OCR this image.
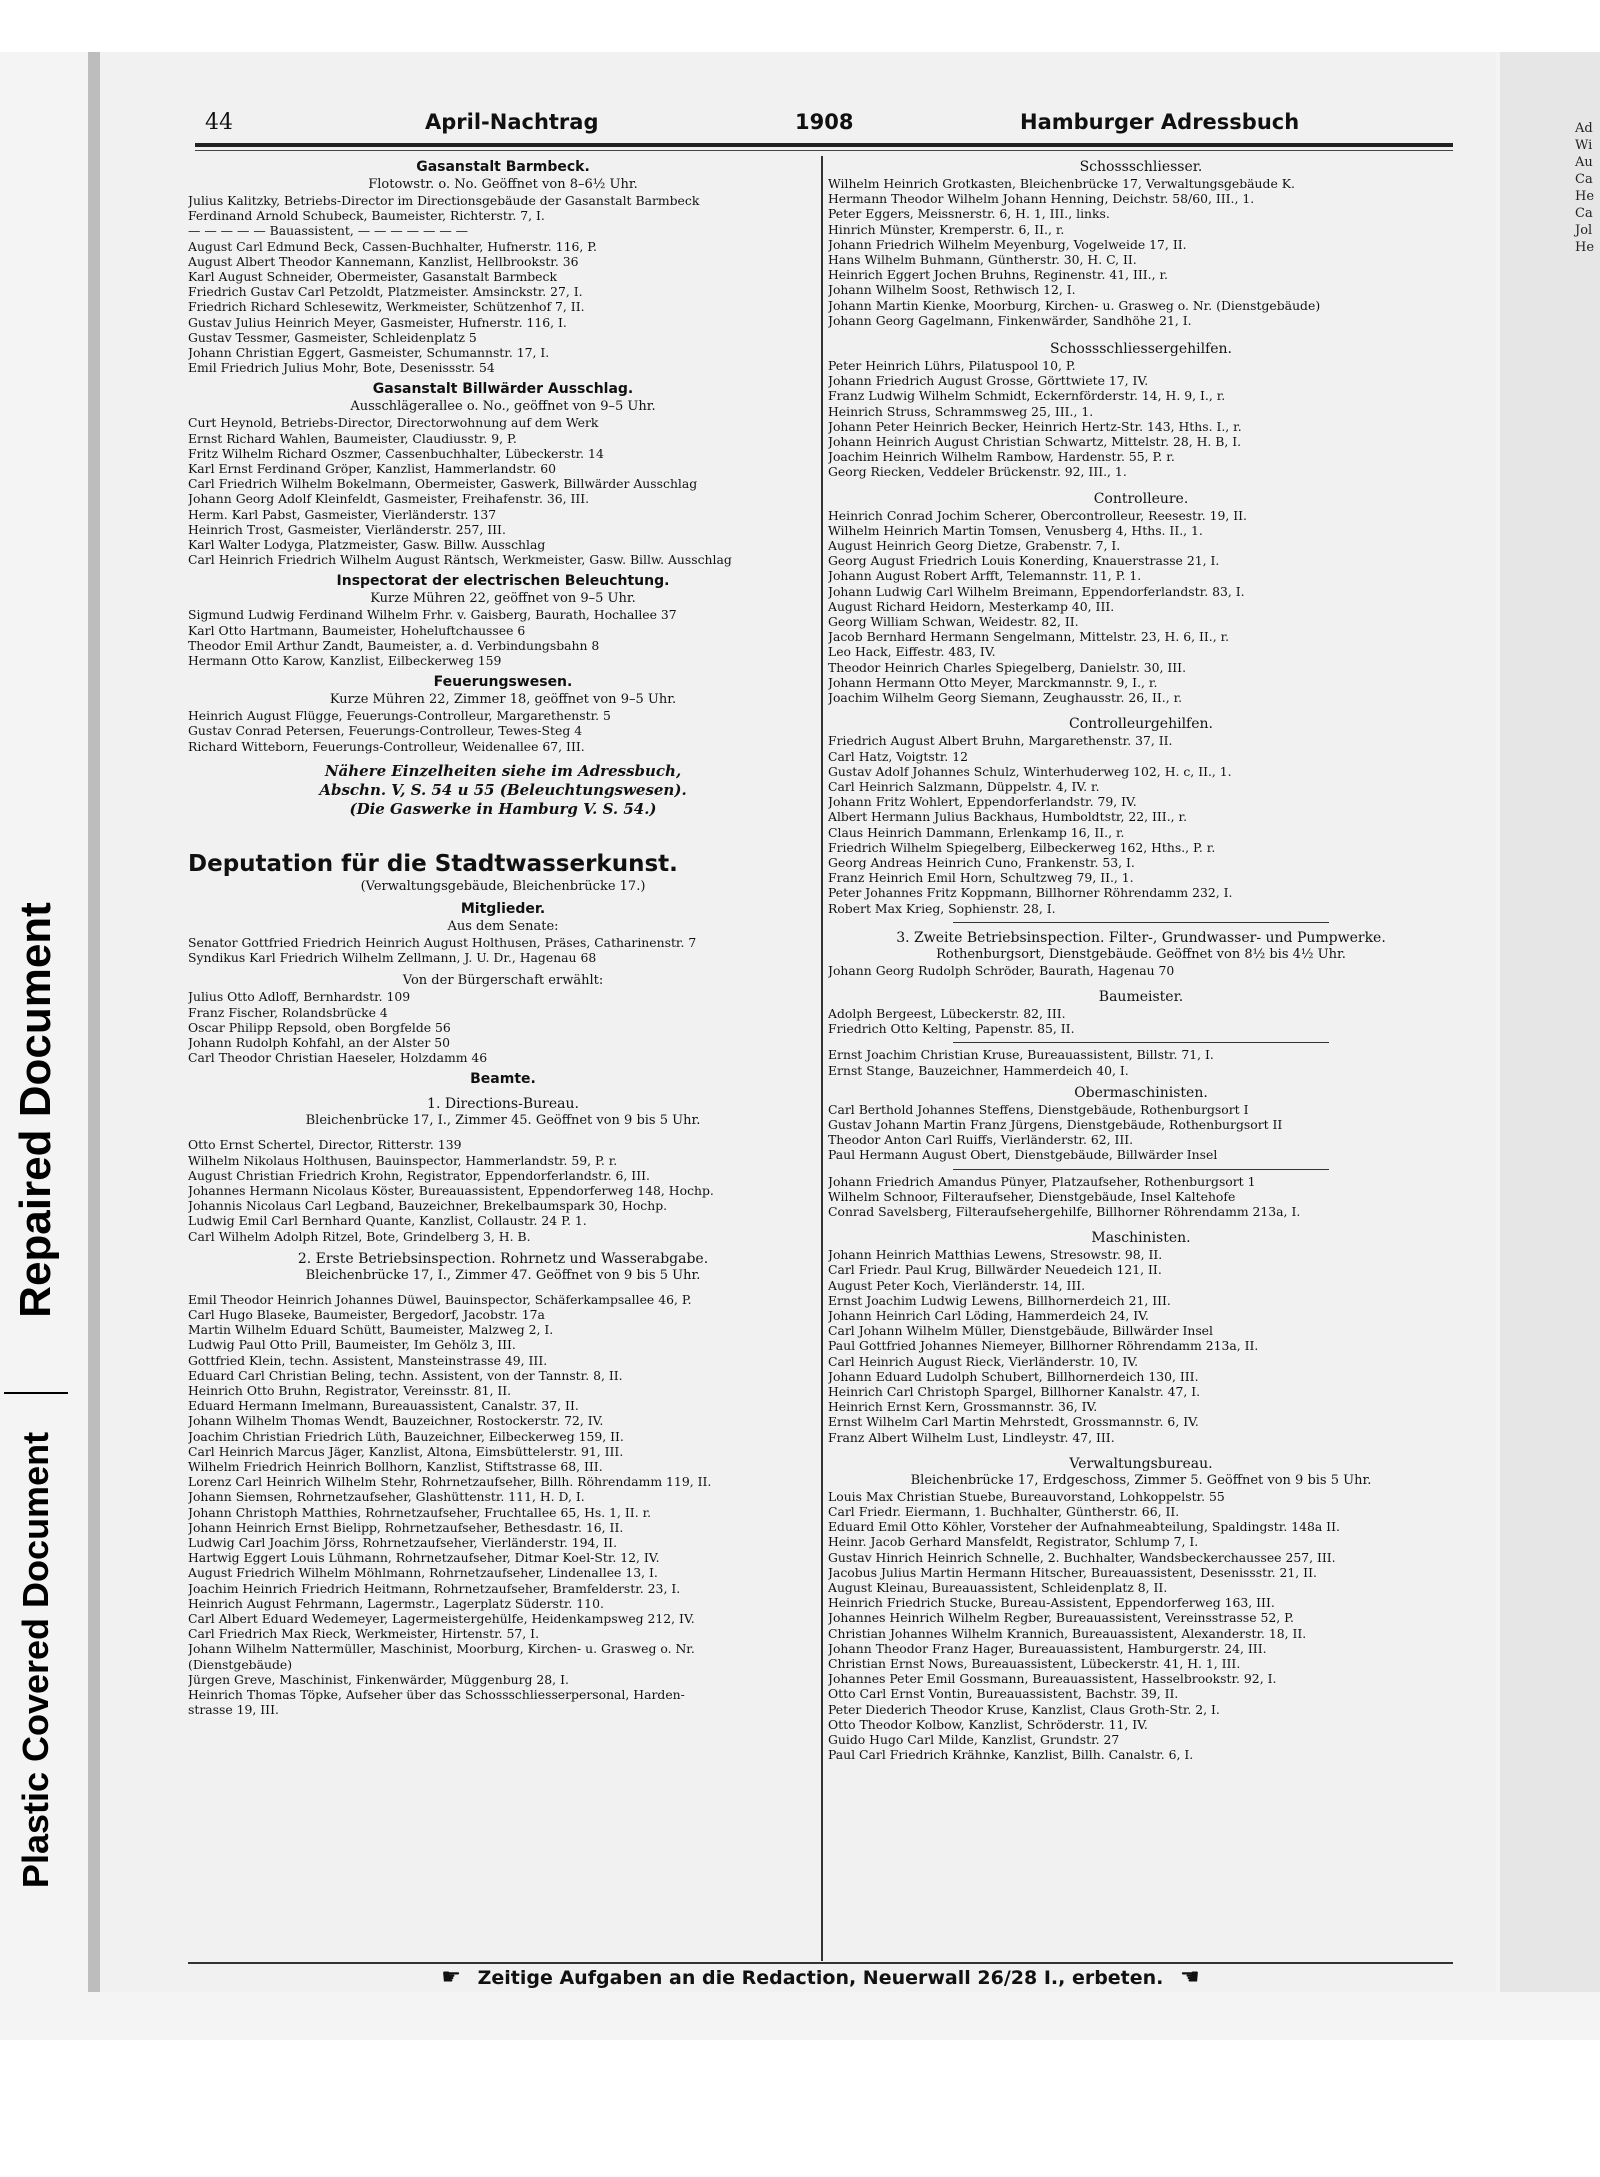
Ad
Wi
Au
Ca
He
Ca
Jol
He
Repaired Document
Plastic Covered Document
44	April-Nachtrag	1908	Hamburger Adressbuch
Gasanstalt Barmbeck.
Flotowstr. o. No. Geöffnet von 8–6½ Uhr.
Julius Kalitzky, Betriebs-Director im Directionsgebäude der Gasanstalt Barmbeck
Ferdinand Arnold Schubeck, Baumeister, Richterstr. 7, I.
— — — — — Bauassistent, — — — — — — —
August Carl Edmund Beck, Cassen-Buchhalter, Hufnerstr. 116, P.
August Albert Theodor Kannemann, Kanzlist, Hellbrookstr. 36
Karl August Schneider, Obermeister, Gasanstalt Barmbeck
Friedrich Gustav Carl Petzoldt, Platzmeister. Amsinckstr. 27, I.
Friedrich Richard Schlesewitz, Werkmeister, Schützenhof 7, II.
Gustav Julius Heinrich Meyer, Gasmeister, Hufnerstr. 116, I.
Gustav Tessmer, Gasmeister, Schleidenplatz 5
Johann Christian Eggert, Gasmeister, Schumannstr. 17, I.
Emil Friedrich Julius Mohr, Bote, Desenissstr. 54
Gasanstalt Billwärder Ausschlag.
Ausschlägerallee o. No., geöffnet von 9–5 Uhr.
Curt Heynold, Betriebs-Director, Directorwohnung auf dem Werk
Ernst Richard Wahlen, Baumeister, Claudiusstr. 9, P.
Fritz Wilhelm Richard Oszmer, Cassenbuchhalter, Lübeckerstr. 14
Karl Ernst Ferdinand Gröper, Kanzlist, Hammerlandstr. 60
Carl Friedrich Wilhelm Bokelmann, Obermeister, Gaswerk, Billwärder Ausschlag
Johann Georg Adolf Kleinfeldt, Gasmeister, Freihafenstr. 36, III.
Herm. Karl Pabst, Gasmeister, Vierländerstr. 137
Heinrich Trost, Gasmeister, Vierländerstr. 257, III.
Karl Walter Lodyga, Platzmeister, Gasw. Billw. Ausschlag
Carl Heinrich Friedrich Wilhelm August Räntsch, Werkmeister, Gasw. Billw. Ausschlag
Inspectorat der electrischen Beleuchtung.
Kurze Mühren 22, geöffnet von 9–5 Uhr.
Sigmund Ludwig Ferdinand Wilhelm Frhr. v. Gaisberg, Baurath, Hochallee 37
Karl Otto Hartmann, Baumeister, Hoheluftchaussee 6
Theodor Emil Arthur Zandt, Baumeister, a. d. Verbindungsbahn 8
Hermann Otto Karow, Kanzlist, Eilbeckerweg 159
Feuerungswesen.
Kurze Mühren 22, Zimmer 18, geöffnet von 9–5 Uhr.
Heinrich August Flügge, Feuerungs-Controlleur, Margarethenstr. 5
Gustav Conrad Petersen, Feuerungs-Controlleur, Tewes-Steg 4
Richard Witteborn, Feuerungs-Controlleur, Weidenallee 67, III.
Nähere Einzelheiten siehe im Adressbuch,
Abschn. V, S. 54 u 55 (Beleuchtungswesen).
(Die Gaswerke in Hamburg V. S. 54.)
Deputation für die Stadtwasserkunst.
(Verwaltungsgebäude, Bleichenbrücke 17.)
Mitglieder.
Aus dem Senate:
Senator Gottfried Friedrich Heinrich August Holthusen, Präses, Catharinenstr. 7
Syndikus Karl Friedrich Wilhelm Zellmann, J. U. Dr., Hagenau 68
Von der Bürgerschaft erwählt:
Julius Otto Adloff, Bernhardstr. 109
Franz Fischer, Rolandsbrücke 4
Oscar Philipp Repsold, oben Borgfelde 56
Johann Rudolph Kohfahl, an der Alster 50
Carl Theodor Christian Haeseler, Holzdamm 46
Beamte.
1. Directions-Bureau.
Bleichenbrücke 17, I., Zimmer 45. Geöffnet von 9 bis 5 Uhr.
Otto Ernst Schertel, Director, Ritterstr. 139
Wilhelm Nikolaus Holthusen, Bauinspector, Hammerlandstr. 59, P. r.
August Christian Friedrich Krohn, Registrator, Eppendorferlandstr. 6, III.
Johannes Hermann Nicolaus Köster, Bureauassistent, Eppendorferweg 148, Hochp.
Johannis Nicolaus Carl Legband, Bauzeichner, Brekelbaumspark 30, Hochp.
Ludwig Emil Carl Bernhard Quante, Kanzlist, Collaustr. 24 P. 1.
Carl Wilhelm Adolph Ritzel, Bote, Grindelberg 3, H. B.
2. Erste Betriebsinspection. Rohrnetz und Wasserabgabe.
Bleichenbrücke 17, I., Zimmer 47. Geöffnet von 9 bis 5 Uhr.
Emil Theodor Heinrich Johannes Düwel, Bauinspector, Schäferkampsallee 46, P.
Carl Hugo Blaseke, Baumeister, Bergedorf, Jacobstr. 17a
Martin Wilhelm Eduard Schütt, Baumeister, Malzweg 2, I.
Ludwig Paul Otto Prill, Baumeister, Im Gehölz 3, III.
Gottfried Klein, techn. Assistent, Mansteinstrasse 49, III.
Eduard Carl Christian Beling, techn. Assistent, von der Tannstr. 8, II.
Heinrich Otto Bruhn, Registrator, Vereinsstr. 81, II.
Eduard Hermann Imelmann, Bureauassistent, Canalstr. 37, II.
Johann Wilhelm Thomas Wendt, Bauzeichner, Rostockerstr. 72, IV.
Joachim Christian Friedrich Lüth, Bauzeichner, Eilbeckerweg 159, II.
Carl Heinrich Marcus Jäger, Kanzlist, Altona, Eimsbüttelerstr. 91, III.
Wilhelm Friedrich Heinrich Bollhorn, Kanzlist, Stiftstrasse 68, III.
Lorenz Carl Heinrich Wilhelm Stehr, Rohrnetzaufseher, Billh. Röhrendamm 119, II.
Johann Siemsen, Rohrnetzaufseher, Glashüttenstr. 111, H. D, I.
Johann Christoph Matthies, Rohrnetzaufseher, Fruchtallee 65, Hs. 1, II. r.
Johann Heinrich Ernst Bielipp, Rohrnetzaufseher, Bethesdastr. 16, II.
Ludwig Carl Joachim Jörss, Rohrnetzaufseher, Vierländerstr. 194, II.
Hartwig Eggert Louis Lühmann, Rohrnetzaufseher, Ditmar Koel-Str. 12, IV.
August Friedrich Wilhelm Möhlmann, Rohrnetzaufseher, Lindenallee 13, I.
Joachim Heinrich Friedrich Heitmann, Rohrnetzaufseher, Bramfelderstr. 23, I.
Heinrich August Fehrmann, Lagermstr., Lagerplatz Süderstr. 110.
Carl Albert Eduard Wedemeyer, Lagermeistergehülfe, Heidenkampsweg 212, IV.
Carl Friedrich Max Rieck, Werkmeister, Hirtenstr. 57, I.
Johann Wilhelm Nattermüller, Maschinist, Moorburg, Kirchen- u. Grasweg o. Nr.
(Dienstgebäude)
Jürgen Greve, Maschinist, Finkenwärder, Müggenburg 28, I.
Heinrich Thomas Töpke, Aufseher über das Schossschliesserpersonal, Harden-
strasse 19, III.
Schossschliesser.
Wilhelm Heinrich Grotkasten, Bleichenbrücke 17, Verwaltungsgebäude K.
Hermann Theodor Wilhelm Johann Henning, Deichstr. 58/60, III., 1.
Peter Eggers, Meissnerstr. 6, H. 1, III., links.
Hinrich Münster, Kremperstr. 6, II., r.
Johann Friedrich Wilhelm Meyenburg, Vogelweide 17, II.
Hans Wilhelm Buhmann, Güntherstr. 30, H. C, II.
Heinrich Eggert Jochen Bruhns, Reginenstr. 41, III., r.
Johann Wilhelm Soost, Rethwisch 12, I.
Johann Martin Kienke, Moorburg, Kirchen- u. Grasweg o. Nr. (Dienstgebäude)
Johann Georg Gagelmann, Finkenwärder, Sandhöhe 21, I.
Schossschliessergehilfen.
Peter Heinrich Lührs, Pilatuspool 10, P.
Johann Friedrich August Grosse, Görttwiete 17, IV.
Franz Ludwig Wilhelm Schmidt, Eckernförderstr. 14, H. 9, I., r.
Heinrich Struss, Schrammsweg 25, III., 1.
Johann Peter Heinrich Becker, Heinrich Hertz-Str. 143, Hths. I., r.
Johann Heinrich August Christian Schwartz, Mittelstr. 28, H. B, I.
Joachim Heinrich Wilhelm Rambow, Hardenstr. 55, P. r.
Georg Riecken, Veddeler Brückenstr. 92, III., 1.
Controlleure.
Heinrich Conrad Jochim Scherer, Obercontrolleur, Reesestr. 19, II.
Wilhelm Heinrich Martin Tomsen, Venusberg 4, Hths. II., 1.
August Heinrich Georg Dietze, Grabenstr. 7, I.
Georg August Friedrich Louis Konerding, Knauerstrasse 21, I.
Johann August Robert Arfft, Telemannstr. 11, P. 1.
Johann Ludwig Carl Wilhelm Breimann, Eppendorferlandstr. 83, I.
August Richard Heidorn, Mesterkamp 40, III.
Georg William Schwan, Weidestr. 82, II.
Jacob Bernhard Hermann Sengelmann, Mittelstr. 23, H. 6, II., r.
Leo Hack, Eiffestr. 483, IV.
Theodor Heinrich Charles Spiegelberg, Danielstr. 30, III.
Johann Hermann Otto Meyer, Marckmannstr. 9, I., r.
Joachim Wilhelm Georg Siemann, Zeughausstr. 26, II., r.
Controlleurgehilfen.
Friedrich August Albert Bruhn, Margarethenstr. 37, II.
Carl Hatz, Voigtstr. 12
Gustav Adolf Johannes Schulz, Winterhuderweg 102, H. c, II., 1.
Carl Heinrich Salzmann, Düppelstr. 4, IV. r.
Johann Fritz Wohlert, Eppendorferlandstr. 79, IV.
Albert Hermann Julius Backhaus, Humboldtstr, 22, III., r.
Claus Heinrich Dammann, Erlenkamp 16, II., r.
Friedrich Wilhelm Spiegelberg, Eilbeckerweg 162, Hths., P. r.
Georg Andreas Heinrich Cuno, Frankenstr. 53, I.
Franz Heinrich Emil Horn, Schultzweg 79, II., 1.
Peter Johannes Fritz Koppmann, Billhorner Röhrendamm 232, I.
Robert Max Krieg, Sophienstr. 28, I.
3. Zweite Betriebsinspection. Filter-, Grundwasser- und Pumpwerke.
Rothenburgsort, Dienstgebäude. Geöffnet von 8½ bis 4½ Uhr.
Johann Georg Rudolph Schröder, Baurath, Hagenau 70
Baumeister.
Adolph Bergeest, Lübeckerstr. 82, III.
Friedrich Otto Kelting, Papenstr. 85, II.
Ernst Joachim Christian Kruse, Bureauassistent, Billstr. 71, I.
Ernst Stange, Bauzeichner, Hammerdeich 40, I.
Obermaschinisten.
Carl Berthold Johannes Steffens, Dienstgebäude, Rothenburgsort I
Gustav Johann Martin Franz Jürgens, Dienstgebäude, Rothenburgsort II
Theodor Anton Carl Ruiffs, Vierländerstr. 62, III.
Paul Hermann August Obert, Dienstgebäude, Billwärder Insel
Johann Friedrich Amandus Pünyer, Platzaufseher, Rothenburgsort 1
Wilhelm Schnoor, Filteraufseher, Dienstgebäude, Insel Kaltehofe
Conrad Savelsberg, Filteraufsehergehilfe, Billhorner Röhrendamm 213a, I.
Maschinisten.
Johann Heinrich Matthias Lewens, Stresowstr. 98, II.
Carl Friedr. Paul Krug, Billwärder Neuedeich 121, II.
August Peter Koch, Vierländerstr. 14, III.
Ernst Joachim Ludwig Lewens, Billhornerdeich 21, III.
Johann Heinrich Carl Löding, Hammerdeich 24, IV.
Carl Johann Wilhelm Müller, Dienstgebäude, Billwärder Insel
Paul Gottfried Johannes Niemeyer, Billhorner Röhrendamm 213a, II.
Carl Heinrich August Rieck, Vierländerstr. 10, IV.
Johann Eduard Ludolph Schubert, Billhornerdeich 130, III.
Heinrich Carl Christoph Spargel, Billhorner Kanalstr. 47, I.
Heinrich Ernst Kern, Grossmannstr. 36, IV.
Ernst Wilhelm Carl Martin Mehrstedt, Grossmannstr. 6, IV.
Franz Albert Wilhelm Lust, Lindleystr. 47, III.
Verwaltungsbureau.
Bleichenbrücke 17, Erdgeschoss, Zimmer 5. Geöffnet von 9 bis 5 Uhr.
Louis Max Christian Stuebe, Bureauvorstand, Lohkoppelstr. 55
Carl Friedr. Eiermann, 1. Buchhalter, Güntherstr. 66, II.
Eduard Emil Otto Köhler, Vorsteher der Aufnahmeabteilung, Spaldingstr. 148a II.
Heinr. Jacob Gerhard Mansfeldt, Registrator, Schlump 7, I.
Gustav Hinrich Heinrich Schnelle, 2. Buchhalter, Wandsbeckerchaussee 257, III.
Jacobus Julius Martin Hermann Hitscher, Bureauassistent, Desenissstr. 21, II.
August Kleinau, Bureauassistent, Schleidenplatz 8, II.
Heinrich Friedrich Stucke, Bureau-Assistent, Eppendorferweg 163, III.
Johannes Heinrich Wilhelm Regber, Bureauassistent, Vereinsstrasse 52, P.
Christian Johannes Wilhelm Krannich, Bureauassistent, Alexanderstr. 18, II.
Johann Theodor Franz Hager, Bureauassistent, Hamburgerstr. 24, III.
Christian Ernst Nows, Bureauassistent, Lübeckerstr. 41, H. 1, III.
Johannes Peter Emil Gossmann, Bureauassistent, Hasselbrookstr. 92, I.
Otto Carl Ernst Vontin, Bureauassistent, Bachstr. 39, II.
Peter Diederich Theodor Kruse, Kanzlist, Claus Groth-Str. 2, I.
Otto Theodor Kolbow, Kanzlist, Schröderstr. 11, IV.
Guido Hugo Carl Milde, Kanzlist, Grundstr. 27
Paul Carl Friedrich Krähnke, Kanzlist, Billh. Canalstr. 6, I.
☛ Zeitige Aufgaben an die Redaction, Neuerwall 26/28 I., erbeten. ☚
